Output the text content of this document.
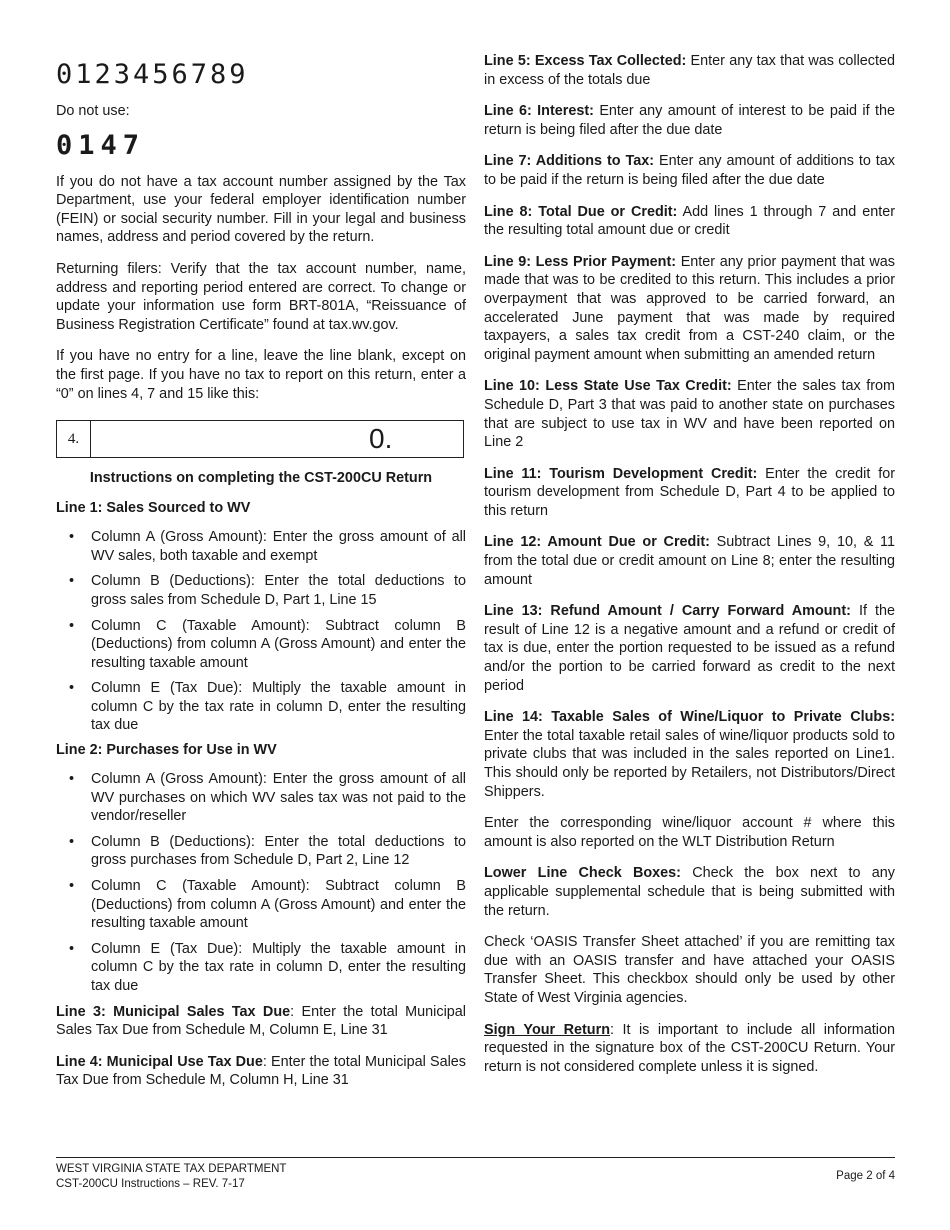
0123456789

Do not use:

0147

If you do not have a tax account number assigned by the Tax Department, use your federal employer identification number (FEIN) or social security number. Fill in your legal and business names, address and period covered by the return.

Returning filers: Verify that the tax account number, name, address and reporting period entered are correct. To change or update your information use form BRT-801A, “Reissuance of Business Registration Certificate” found at tax.wv.gov.

If you have no entry for a line, leave the line blank, except on the first page. If you have no tax to report on this return, enter a “0” on lines 4, 7 and 15 like this:

4.	0.
Instructions on completing the CST-200CU Return
Line 1: Sales Sourced to WV
• Column A (Gross Amount): Enter the gross amount of all WV sales, both taxable and exempt
• Column B (Deductions): Enter the total deductions to gross sales from Schedule D, Part 1, Line 15
• Column C (Taxable Amount): Subtract column B (Deductions) from column A (Gross Amount) and enter the resulting taxable amount
• Column E (Tax Due): Multiply the taxable amount in column C by the tax rate in column D, enter the resulting tax due
Line 2: Purchases for Use in WV
• Column A (Gross Amount): Enter the gross amount of all WV purchases on which WV sales tax was not paid to the vendor/reseller
• Column B (Deductions): Enter the total deductions to gross purchases from Schedule D, Part 2, Line 12
• Column C (Taxable Amount): Subtract column B (Deductions) from column A (Gross Amount) and enter the resulting taxable amount
• Column E (Tax Due): Multiply the taxable amount in column C by the tax rate in column D, enter the resulting tax due

Line 3: Municipal Sales Tax Due: Enter the total Municipal Sales Tax Due from Schedule M, Column E, Line 31

Line 4: Municipal Use Tax Due: Enter the total Municipal Sales Tax Due from Schedule M, Column H, Line 31

Line 5: Excess Tax Collected: Enter any tax that was collected in excess of the totals due

Line 6: Interest: Enter any amount of interest to be paid if the return is being filed after the due date

Line 7: Additions to Tax: Enter any amount of additions to tax to be paid if the return is being filed after the due date

Line 8: Total Due or Credit: Add lines 1 through 7 and enter the resulting total amount due or credit

Line 9: Less Prior Payment: Enter any prior payment that was made that was to be credited to this return. This includes a prior overpayment that was approved to be carried forward, an accelerated June payment that was made by required taxpayers, a sales tax credit from a CST-240 claim, or the original payment amount when submitting an amended return

Line 10: Less State Use Tax Credit: Enter the sales tax from Schedule D, Part 3 that was paid to another state on purchases that are subject to use tax in WV and have been reported on Line 2

Line 11: Tourism Development Credit: Enter the credit for tourism development from Schedule D, Part 4 to be applied to this return

Line 12: Amount Due or Credit: Subtract Lines 9, 10, & 11 from the total due or credit amount on Line 8; enter the resulting amount

Line 13: Refund Amount / Carry Forward Amount: If the result of Line 12 is a negative amount and a refund or credit of tax is due, enter the portion requested to be issued as a refund and/or the portion to be carried forward as credit to the next period

Line 14: Taxable Sales of Wine/Liquor to Private Clubs: Enter the total taxable retail sales of wine/liquor products sold to private clubs that was included in the sales reported on Line1. This should only be reported by Retailers, not Distributors/Direct Shippers.

Enter the corresponding wine/liquor account # where this amount is also reported on the WLT Distribution Return

Lower Line Check Boxes: Check the box next to any applicable supplemental schedule that is being submitted with the return.

Check ‘OASIS Transfer Sheet attached’ if you are remitting tax due with an OASIS transfer and have attached your OASIS Transfer Sheet. This checkbox should only be used by other State of West Virginia agencies.

Sign Your Return: It is important to include all information requested in the signature box of the CST-200CU Return. Your return is not considered complete unless it is signed.

WEST VIRGINIA STATE TAX DEPARTMENT
CST-200CU Instructions – REV. 7-17
Page 2 of 4
